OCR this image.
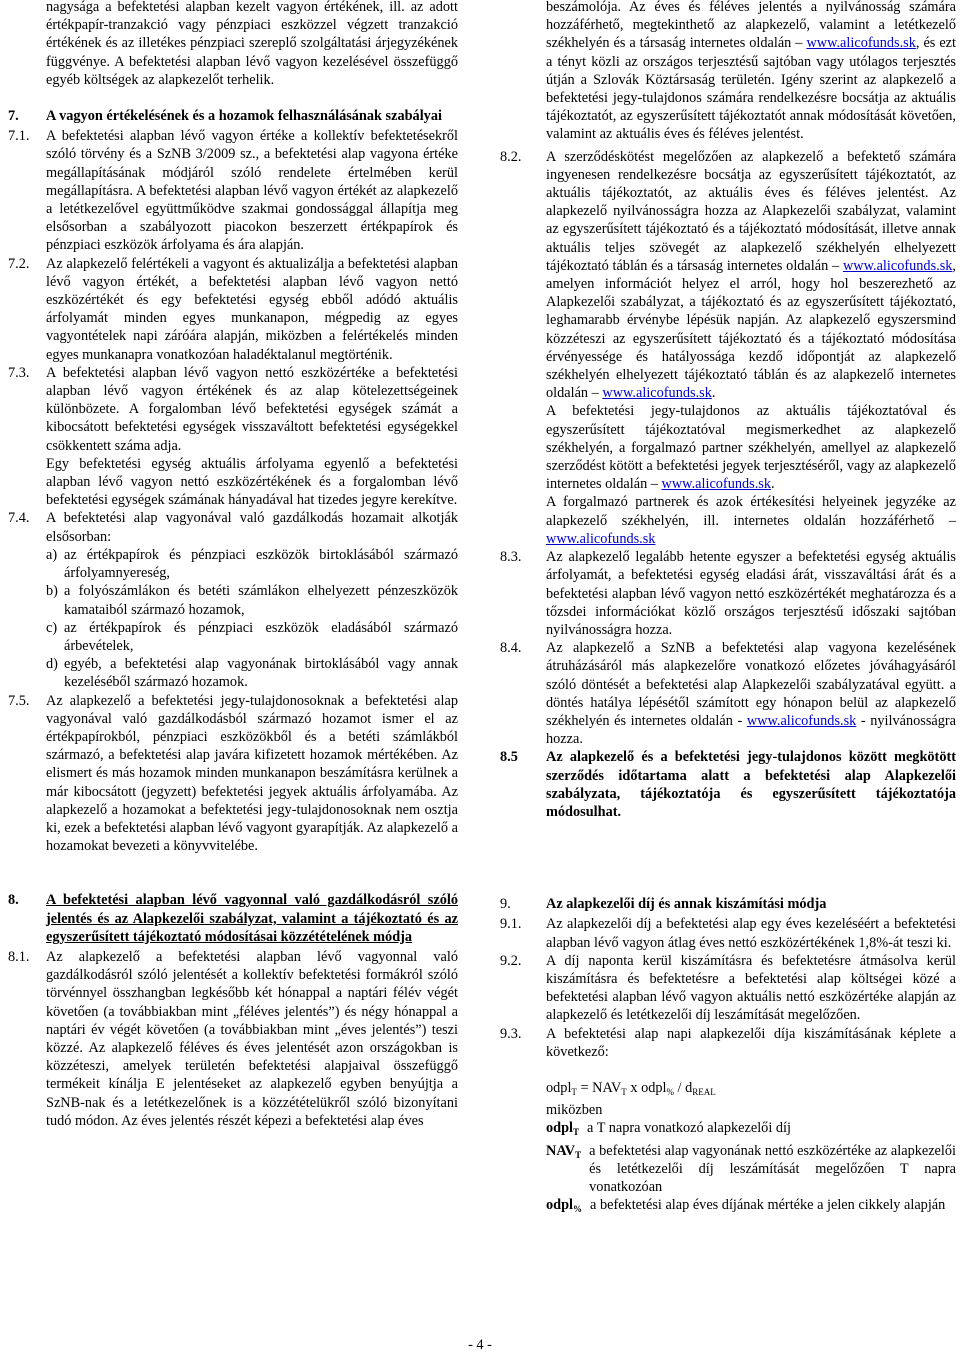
nagysága a befektetési alapban kezelt vagyon értékének, ill. az adott értékpapír-tranzakció vagy pénzpiaci eszközzel végzett tranzakció értékének és az illetékes pénzpiaci szereplő szolgáltatási árjegyzékének függvénye. A befektetési alapban lévő vagyon kezelésével összefüggő egyéb költségek az alapkezelőt terhelik.
7.	A vagyon értékelésének és a hozamok felhasználásának szabályai
7.1.	A befektetési alapban lévő vagyon értéke a kollektív befektetésekről szóló törvény és a SzNB 3/2009 sz., a befektetési alap vagyona értéke megállapításának módjáról szóló rendelete értelmében kerül megállapításra. A befektetési alapban lévő vagyon értékét az alapkezelő a letétkezelővel együttműködve szakmai gondossággal állapítja meg elsősorban a szabályozott piacokon beszerzett értékpapírok és pénzpiaci eszközök árfolyama és ára alapján.
7.2.	Az alapkezelő felértékeli a vagyont és aktualizálja a befektetési alapban lévő vagyon értékét, a befektetési alapban lévő vagyon nettó eszközértékét és egy befektetési egység ebből adódó aktuális árfolyamát minden egyes munkanapon, mégpedig az egyes vagyontételek napi záróára alapján, miközben a felértékelés minden egyes munkanapra vonatkozóan haladéktalanul megtörténik.
7.3.	A befektetési alapban lévő vagyon nettó eszközértéke a befektetési alapban lévő vagyon értékének és az alap kötelezettségeinek különbözete. A forgalomban lévő befektetési egységek számát a kibocsátott befektetési egységek visszaváltott befektetési egységekkel csökkentett száma adja.
Egy befektetési egység aktuális árfolyama egyenlő a befektetési alapban lévő vagyon nettó eszközértékének és a forgalomban lévő befektetési egységek számának hányadával hat tizedes jegyre kerekítve.
7.4.	A befektetési alap vagyonával való gazdálkodás hozamait alkotják elsősorban:
a) az értékpapírok és pénzpiaci eszközök birtoklásából származó árfolyamnyereség,
b) a folyószámlákon és betéti számlákon elhelyezett pénzeszközök kamataiból származó hozamok,
c) az értékpapírok és pénzpiaci eszközök eladásából származó árbevételek,
d) egyéb, a befektetési alap vagyonának birtoklásából vagy annak kezeléséből származó hozamok.
7.5.	Az alapkezelő a befektetési jegy-tulajdonosoknak a befektetési alap vagyonával való gazdálkodásból származó hozamot ismer el az értékpapírokból, pénzpiaci eszközökből és a betéti számlákból származó, a befektetési alap javára kifizetett hozamok mértékében. Az elismert és más hozamok minden munkanapon beszámításra kerülnek a már kibocsátott (jegyzett) befektetési jegyek aktuális árfolyamába. Az alapkezelő a hozamokat a befektetési jegy-tulajdonosoknak nem osztja ki, ezek a befektetési alapban lévő vagyont gyarapítják. Az alapkezelő a hozamokat bevezeti a könyvvitelébe.
8.	A befektetési alapban lévő vagyonnal való gazdálkodásról szóló jelentés és az Alapkezelői szabályzat, valamint a tájékoztató és az egyszerűsített tájékoztató módosításai közzétételének módja
8.1.	Az alapkezelő a befektetési alapban lévő vagyonnal való gazdálkodásról szóló jelentését a kollektív befektetési formákról szóló törvénnyel összhangban legkésőbb két hónappal a naptári félév végét követően (a továbbiakban mint „féléves jelentés”) és négy hónappal a naptári év végét követően (a továbbiakban mint „éves jelentés”) teszi közzé. Az alapkezelő féléves és éves jelentését azon országokban is közzéteszi, amelyek területén befektetési alapjaival összefüggő termékeit kínálja E jelentéseket az alapkezelő egyben benyújtja a SzNB-nak és a letétkezelőnek is a közzétételükről szóló bizonyítani tudó módon. Az éves jelentés részét képezi a befektetési alap éves
beszámolója. Az éves és féléves jelentés a nyilvánosság számára hozzáférhető, megtekinthető az alapkezelő, valamint a letétkezelő székhelyén és a társaság internetes oldalán – www.alicofunds.sk, és ezt a tényt közli az országos terjesztésű sajtóban vagy utólagos terjesztés útján a Szlovák Köztársaság területén. Igény szerint az alapkezelő a befektetési jegy-tulajdonos számára rendelkezésre bocsátja az aktuális tájékoztatót, az egyszerűsített tájékoztatót annak módosítását követően, valamint az aktuális éves és féléves jelentést.
8.2.	A szerződéskötést megelőzően az alapkezelő a befektető számára ingyenesen rendelkezésre bocsátja az egyszerűsített tájékoztatót, az aktuális tájékoztatót, az aktuális éves és féléves jelentést. Az alapkezelő nyilvánosságra hozza az Alapkezelői szabályzat, valamint az egyszerűsített tájékoztató és a tájékoztató módosítását, illetve annak aktuális teljes szövegét az alapkezelő székhelyén elhelyezett tájékoztató táblán és a társaság internetes oldalán – www.alicofunds.sk, amelyen információt helyez el arról, hogy hol beszerezhető az Alapkezelői szabályzat, a tájékoztató és az egyszerűsített tájékoztató, leghamarabb érvénybe lépésük napján. Az alapkezelő egyszersmind közzéteszi az egyszerűsített tájékoztató és a tájékoztató módosítása érvényessége és hatályossága kezdő időpontját az alapkezelő székhelyén elhelyezett tájékoztató táblán és az alapkezelő internetes oldalán – www.alicofunds.sk.
A befektetési jegy-tulajdonos az aktuális tájékoztatóval és egyszerűsített tájékoztatóval megismerkedhet az alapkezelő székhelyén, a forgalmazó partner székhelyén, amellyel az alapkezelő szerződést kötött a befektetési jegyek terjesztéséről, vagy az alapkezelő internetes oldalán – www.alicofunds.sk.
A forgalmazó partnerek és azok értékesítési helyeinek jegyzéke az alapkezelő székhelyén, ill. internetes oldalán hozzáférhető – www.alicofunds.sk
8.3.	Az alapkezelő legalább hetente egyszer a befektetési egység aktuális árfolyamát, a befektetési egység eladási árát, visszaváltási árát és a befektetési alapban lévő vagyon nettó eszközértékét meghatározza és a tőzsdei információkat közlő országos terjesztésű időszaki sajtóban nyilvánosságra hozza.
8.4.	Az alapkezelő a SzNB a befektetési alap vagyona kezelésének átruházásáról más alapkezelőre vonatkozó előzetes jóváhagyásáról szóló döntését a befektetési alap Alapkezelői szabályzatával együtt. a döntés hatálya lépésétől számított egy hónapon belül az alapkezelő székhelyén és internetes oldalán - www.alicofunds.sk - nyilvánosságra hozza.
8.5	Az alapkezelő és a befektetési jegy-tulajdonos között megkötött szerződés időtartama alatt a befektetési alap Alapkezelői szabályzata, tájékoztatója és egyszerűsített tájékoztatója módosulhat.
9.	Az alapkezelői díj és annak kiszámítási módja
9.1.	Az alapkezelői díj a befektetési alap egy éves kezeléséért a befektetési alapban lévő vagyon átlag éves nettó eszközértékének 1,8%-át teszi ki.
9.2.	A díj naponta kerül kiszámításra és befektetésre átmásolva kerül kiszámításra és befektetésre a befektetési alap költségei közé a befektetési alapban lévő vagyon aktuális nettó eszközértéke alapján az alapkezelő és letétkezelői díj leszámítását megelőzően.
9.3.	A befektetési alap napi alapkezelői díja kiszámításának képlete a következő:
odpl$_T$ = $NAV_T$ x odpl$_{\%}$ / $d_{REAL}$
miközben
odpl$_T$ a T napra vonatkozó alapkezelői díj
$NAV_T$ a befektetési alap vagyonának nettó eszközértéke az alapkezelői és letétkezelői díj leszámítását megelőzően T napra vonatkozóan
odpl$_{\%}$ a befektetési alap éves díjának mértéke a jelen cikkely alapján
- 4 -
